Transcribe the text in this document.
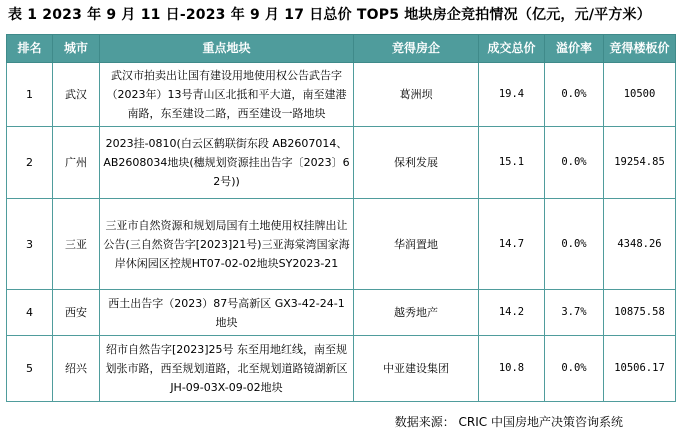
表 1 2023 年 9 月 11 日-2023 年 9 月 17 日总价 TOP5 地块房企竞拍情况（亿元，元/平方米）
排名	城市	重点地块	竞得房企	成交总价	溢价率	竞得楼板价
1	武汉	武汉市拍卖出让国有建设用地使用权公告武告字（2023年）13号青山区北抵和平大道，南至建港南路，东至建设二路，西至建设一路地块	葛洲坝	19.4	0.0%	10500
2	广州	2023挂-0810(白云区鹤联街东段 AB2607014、AB2608034地块(穗规划资源挂出告字〔2023〕62号))	保利发展	15.1	0.0%	19254.85
3	三亚	三亚市自然资源和规划局国有土地使用权挂牌出让公告(三自然资告字[2023]21号)三亚海棠湾国家海岸休闲园区控规HT07-02-02地块SY2023-21	华润置地	14.7	0.0%	4348.26
4	西安	西土出告字（2023）87号高新区 GX3-42-24-1 地块	越秀地产	14.2	3.7%	10875.58
5	绍兴	绍市自然告字[2023]25号 东至用地红线，南至规划张市路，西至规划道路，北至规划道路镜湖新区 JH-09-03X-09-02地块	中亚建设集团	10.8	0.0%	10506.17
数据来源： CRIC 中国房地产决策咨询系统
